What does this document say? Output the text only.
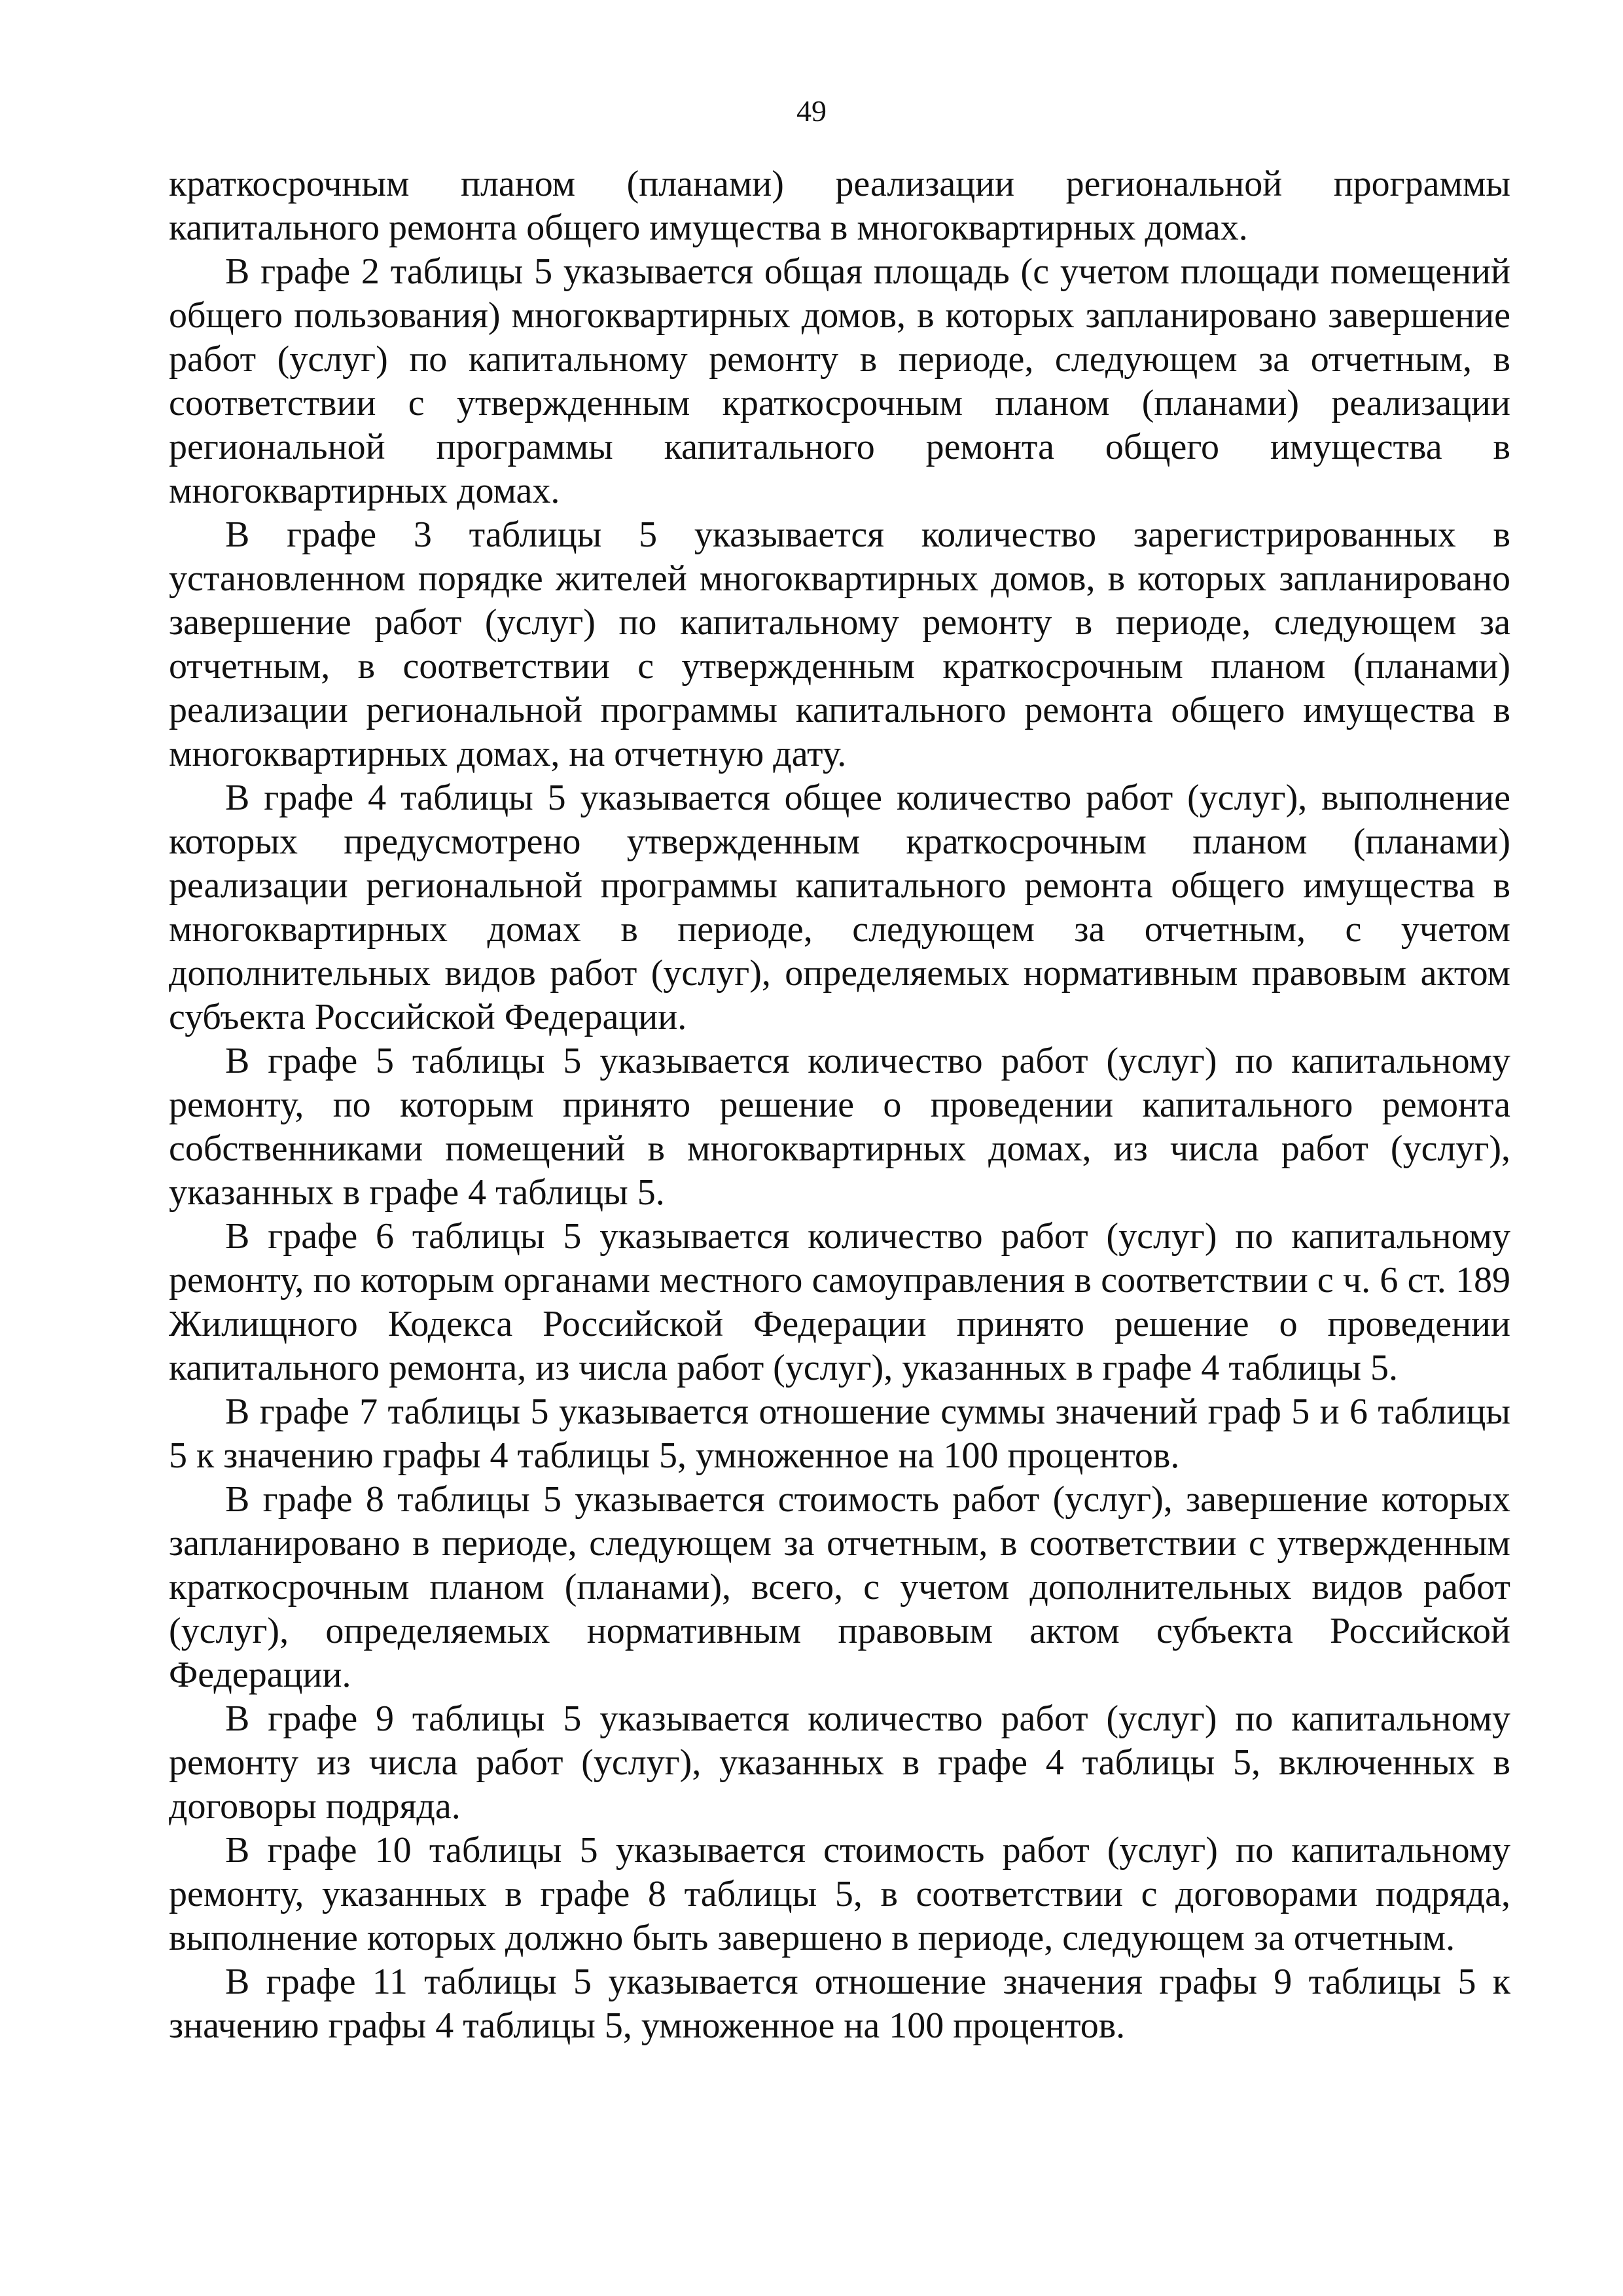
49

краткосрочным планом (планами) реализации региональной программы капитального ремонта общего имущества в многоквартирных домах.

В графе 2 таблицы 5 указывается общая площадь (с учетом площади помещений общего пользования) многоквартирных домов, в которых запланировано завершение работ (услуг) по капитальному ремонту в периоде, следующем за отчетным, в соответствии с утвержденным краткосрочным планом (планами) реализации региональной программы капитального ремонта общего имущества в многоквартирных домах.

В графе 3 таблицы 5 указывается количество зарегистрированных в установленном порядке жителей многоквартирных домов, в которых запланировано завершение работ (услуг) по капитальному ремонту в периоде, следующем за отчетным, в соответствии с утвержденным краткосрочным планом (планами) реализации региональной программы капитального ремонта общего имущества в многоквартирных домах, на отчетную дату.

В графе 4 таблицы 5 указывается общее количество работ (услуг), выполнение которых предусмотрено утвержденным краткосрочным планом (планами) реализации региональной программы капитального ремонта общего имущества в многоквартирных домах в периоде, следующем за отчетным, с учетом дополнительных видов работ (услуг), определяемых нормативным правовым актом субъекта Российской Федерации.

В графе 5 таблицы 5 указывается количество работ (услуг) по капитальному ремонту, по которым принято решение о проведении капитального ремонта собственниками помещений в многоквартирных домах, из числа работ (услуг), указанных в графе 4 таблицы 5.

В графе 6 таблицы 5 указывается количество работ (услуг) по капитальному ремонту, по которым органами местного самоуправления в соответствии с ч. 6 ст. 189 Жилищного Кодекса Российской Федерации принято решение о проведении капитального ремонта, из числа работ (услуг), указанных в графе 4 таблицы 5.

В графе 7 таблицы 5 указывается отношение суммы значений граф 5 и 6 таблицы 5 к значению графы 4 таблицы 5, умноженное на 100 процентов.

В графе 8 таблицы 5 указывается стоимость работ (услуг), завершение которых запланировано в периоде, следующем за отчетным, в соответствии с утвержденным краткосрочным планом (планами), всего, с учетом дополнительных видов работ (услуг), определяемых нормативным правовым актом субъекта Российской Федерации.

В графе 9 таблицы 5 указывается количество работ (услуг) по капитальному ремонту из числа работ (услуг), указанных в графе 4 таблицы 5, включенных в договоры подряда.

В графе 10 таблицы 5 указывается стоимость работ (услуг) по капитальному ремонту, указанных в графе 8 таблицы 5, в соответствии с договорами подряда, выполнение которых должно быть завершено в периоде, следующем за отчетным.

В графе 11 таблицы 5 указывается отношение значения графы 9 таблицы 5 к значению графы 4 таблицы 5, умноженное на 100 процентов.
